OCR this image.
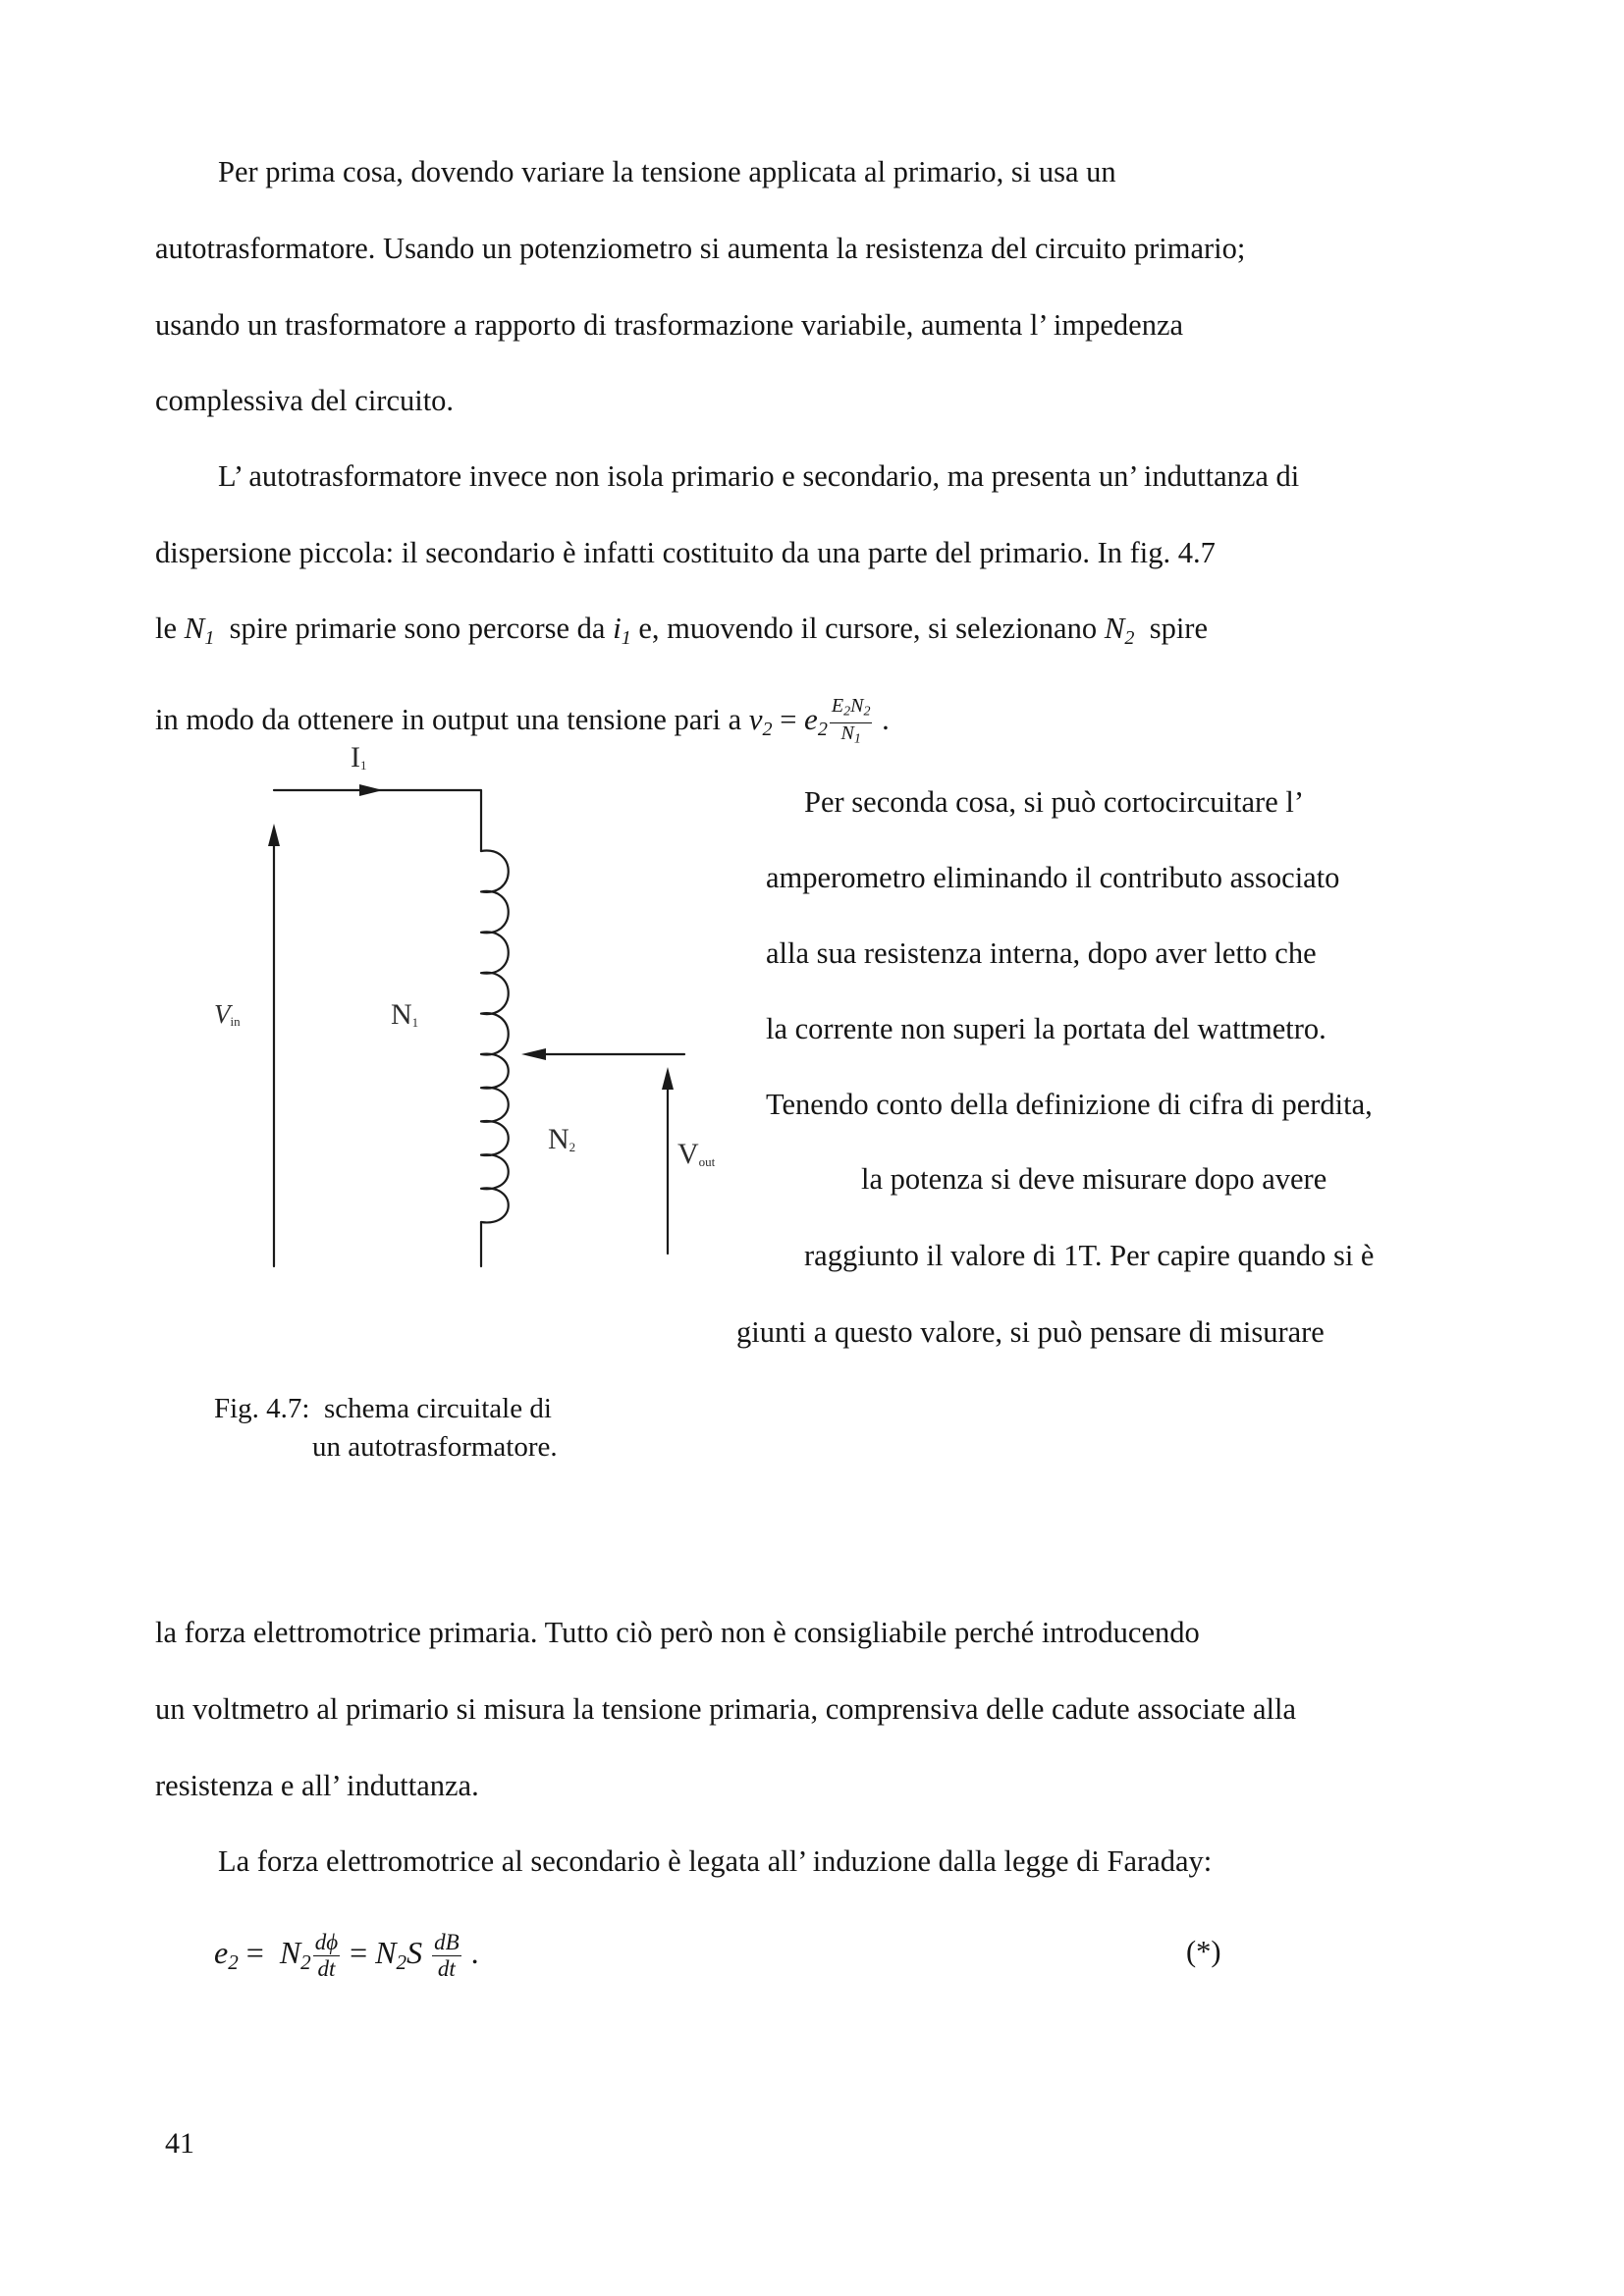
Per prima cosa, dovendo variare la tensione applicata al primario, si usa un
autotrasformatore. Usando un potenziometro si aumenta la resistenza del circuito primario;
usando un trasformatore a rapporto di trasformazione variabile, aumenta l’ impedenza
complessiva del circuito.
L’ autotrasformatore invece non isola primario e secondario, ma presenta un’ induttanza di
dispersione piccola: il secondario è infatti costituito da una parte del primario. In fig. 4.7
le $N_1$  spire primarie sono percorse da $i_1$ e, muovendo il cursore, si selezionano $N_2$  spire
in modo da ottenere in output una tensione pari a $v_2 = e_2 \frac{E_2N_2}{N_1}$ .
I1
Vin	N1
N2	Vout
Per seconda cosa, si può cortocircuitare l’
amperometro eliminando il contributo associato
alla sua resistenza interna, dopo aver letto che
la corrente non superi la portata del wattmetro.
Tenendo conto della definizione di cifra di perdita,
la potenza si deve misurare dopo avere
raggiunto il valore di 1T. Per capire quando si è
giunti a questo valore, si può pensare di misurare
Fig. 4.7:  schema circuitale di
un autotrasformatore.
la forza elettromotrice primaria. Tutto ciò però non è consigliabile perché introducendo
un voltmetro al primario si misura la tensione primaria, comprensiva delle cadute associate alla
resistenza e all’ induttanza.
La forza elettromotrice al secondario è legata all’ induzione dalla legge di Faraday:
$e_2 = N_2 \frac{d\phi}{dt} = N_2S \frac{dB}{dt}$ .	(*)
41
